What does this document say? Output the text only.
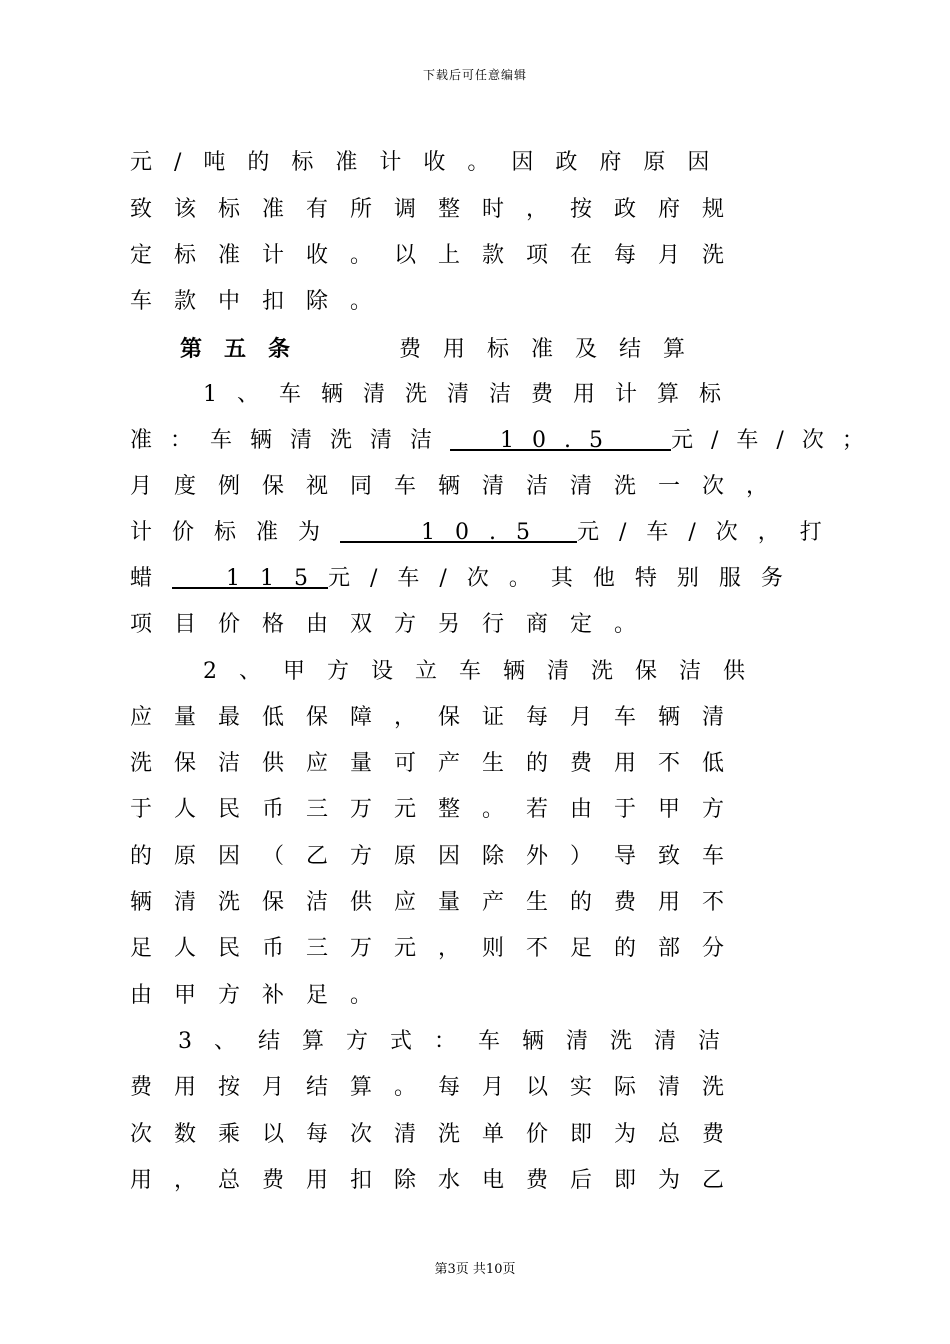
下载后可任意编辑
元/吨的标准计收。因政府原因
致该标准有所调整时，按政府规
定标准计收。以上款项在每月洗
车款中扣除。
第五条	费用标准及结算
1、车辆清洗清洁费用计算标
准：车辆清洗清洁 10.5 元/车/次；
月度例保视同车辆清洁清洗一次，
计价标准为	10.5 元/车/次，打
蜡 115元/车/次。其他特别服务
项目价格由双方另行商定。
2、甲方设立车辆清洗保洁供
应量最低保障，保证每月车辆清
洗保洁供应量可产生的费用不低
于人民币三万元整。若由于甲方
的原因（乙方原因除外）导致车
辆清洗保洁供应量产生的费用不
足人民币三万元，则不足的部分
由甲方补足。
3、结算方式：车辆清洗清洁
费用按月结算。每月以实际清洗
次数乘以每次清洗单价即为总费
用，总费用扣除水电费后即为乙
第3页 共10页
